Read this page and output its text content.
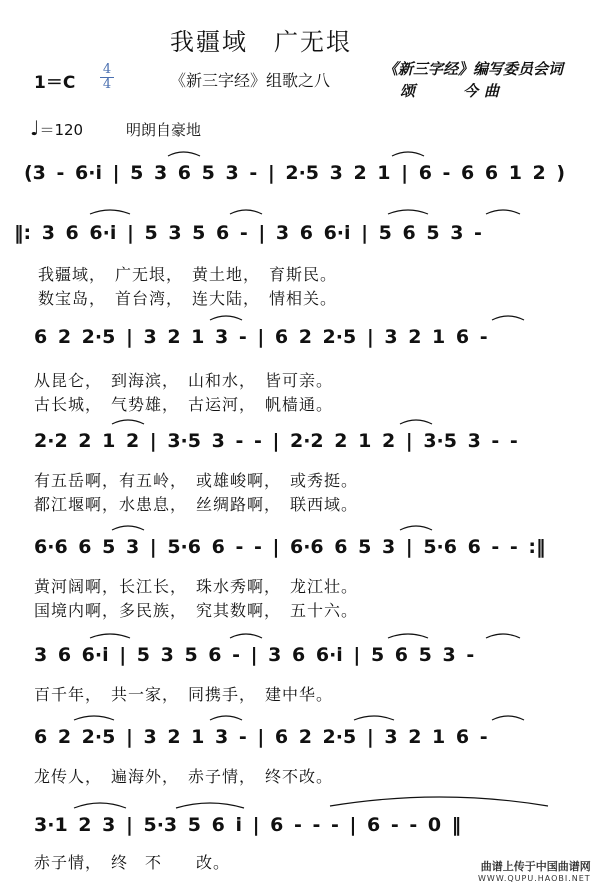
我疆域　广无垠
1＝C
4
4	《新三字经》组歌之八
《新三字经》编写委员会词
颂　　今曲
♩＝120	明朗自豪地
(3 - 6·i | 5 3 6 5 3 - | 2·5 3 2 1 | 6 - 6 6 1 2 )
‖: 3 6 6·i | 5 3 5 6 - | 3 6 6·i | 5 6 5 3 -
我疆域，　广无垠，　黄土地，　育斯民。
数宝岛，　首台湾，　连大陆，　情相关。
6 2 2·5 | 3 2 1 3 - | 6 2 2·5 | 3 2 1 6 -
从昆仑，　到海滨，　山和水，　皆可亲。
古长城，　气势雄，　古运河，　帆樯通。
2·2 2 1 2 | 3·5 3 - - | 2·2 2 1 2 | 3·5 3 - -
有五岳啊，有五岭，　或雄峻啊，　或秀挺。
都江堰啊，水患息，　丝绸路啊，　联西域。
6·6 6 5 3 | 5·6 6 - - | 6·6 6 5 3 | 5·6 6 - - :‖
黄河阔啊，长江长，　珠水秀啊，　龙江壮。
国境内啊，多民族，　究其数啊，　五十六。
3 6 6·i | 5 3 5 6 - | 3 6 6·i | 5 6 5 3 -
百千年，　共一家，　同携手，　建中华。
6 2 2·5 | 3 2 1 3 - | 6 2 2·5 | 3 2 1 6 -
龙传人，　遍海外，　赤子情，　终不改。
3·1 2 3 | 5·3 5 6 i | 6 - - - | 6 - - 0 ‖
赤子情，　终　不　　改。	曲谱上传于中国曲谱网
WWW.QUPU.HAOBI.NET
